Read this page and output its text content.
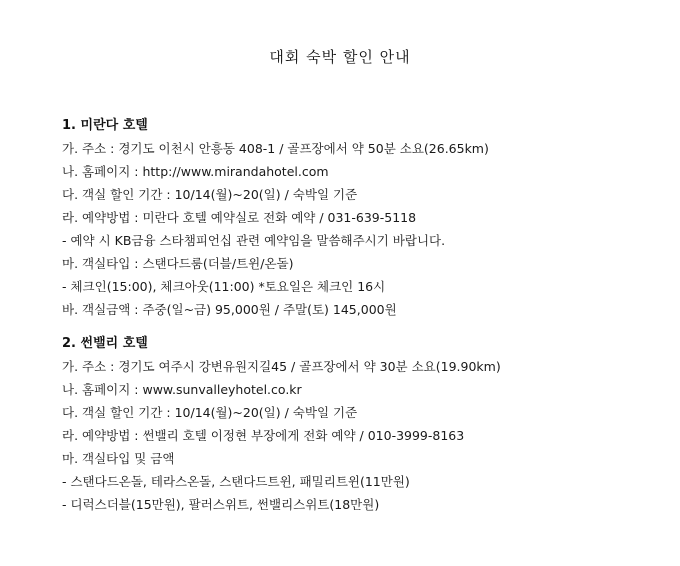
대회 숙박 할인 안내
1. 미란다 호텔
가. 주소 : 경기도 이천시 안흥동 408-1 / 골프장에서 약 50분 소요(26.65km)
나. 홈페이지 : http://www.mirandahotel.com
다. 객실 할인 기간 : 10/14(월)~20(일) / 숙박일 기준
라. 예약방법 : 미란다 호텔 예약실로 전화 예약 / 031-639-5118
- 예약 시 KB금융 스타챔피언십 관련 예약임을 말씀해주시기 바랍니다.
마. 객실타입 : 스탠다드룸(더블/트윈/온돌)
- 체크인(15:00), 체크아웃(11:00) *토요일은 체크인 16시
바. 객실금액 : 주중(일~금) 95,000원 / 주말(토) 145,000원
2. 썬밸리 호텔
가. 주소 : 경기도 여주시 강변유원지길45 / 골프장에서 약 30분 소요(19.90km)
나. 홈페이지 : www.sunvalleyhotel.co.kr
다. 객실 할인 기간 : 10/14(월)~20(일) / 숙박일 기준
라. 예약방법 : 썬밸리 호텔 이정현 부장에게 전화 예약 / 010-3999-8163
마. 객실타입 및 금액
- 스탠다드온돌, 테라스온돌, 스탠다드트윈, 패밀리트윈(11만원)
- 디럭스더블(15만원), 팔러스위트, 썬밸리스위트(18만원)
